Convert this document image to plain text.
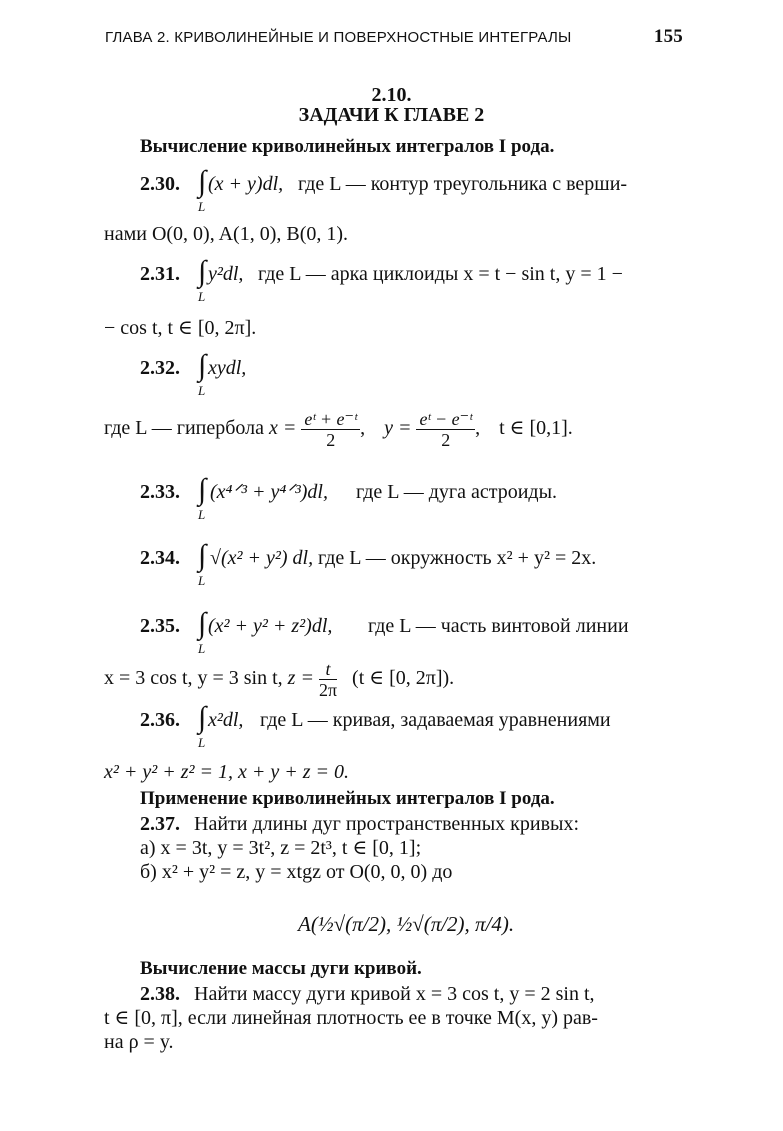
ГЛАВА 2. КРИВОЛИНЕЙНЫЕ И ПОВЕРХНОСТНЫЕ ИНТЕГРАЛЫ	155
2.10.
ЗАДАЧИ К ГЛАВЕ 2
Вычисление криволинейных интегралов I рода.
2.30. ∫
L
(x + y)dl, где L — контур треугольника с верши-
нами O(0, 0), A(1, 0), B(0, 1).
2.31. ∫
L
y²dl, где L — арка циклоиды x = t − sin t, y = 1 −
− cos t, t ∈ [0, 2π].
2.32. ∫
L
xydl,
где L — гипербола $x = \frac{\text{eᵗ + e⁻ᵗ}}{2}$ , $y = \frac{\text{eᵗ − e⁻ᵗ}}{2}$ , t ∈ [0,1].
2.33. ∫
L
(x⁴ᐟ³ + y⁴ᐟ³)dl, где L — дуга астроиды.
2.34. ∫
L
√(x² + y²) dl, где L — окружность x² + y² = 2x.
2.35. ∫
L
(x² + y² + z²)dl, где L — часть винтовой линии
x = 3 cos t, y = 3 sin t, $z = \frac{t}{2\pi} (t$ ∈ [0, 2π]).
2.36. ∫
L
x²dl, где L — кривая, задаваемая уравнениями
x² + y² + z² = 1, x + y + z = 0.
Применение криволинейных интегралов I рода.
2.37. Найти длины дуг пространственных кривых:
а) x = 3t, y = 3t², z = 2t³, t ∈ [0, 1];
б) x² + y² = z, y = xtgz от O(0, 0, 0) до
A(½√(π/2), ½√(π/2), π/4).
Вычисление массы дуги кривой.
2.38. Найти массу дуги кривой x = 3 cos t, y = 2 sin t,
t ∈ [0, π], если линейная плотность ее в точке M(x, y) рав-
на ρ = y.
